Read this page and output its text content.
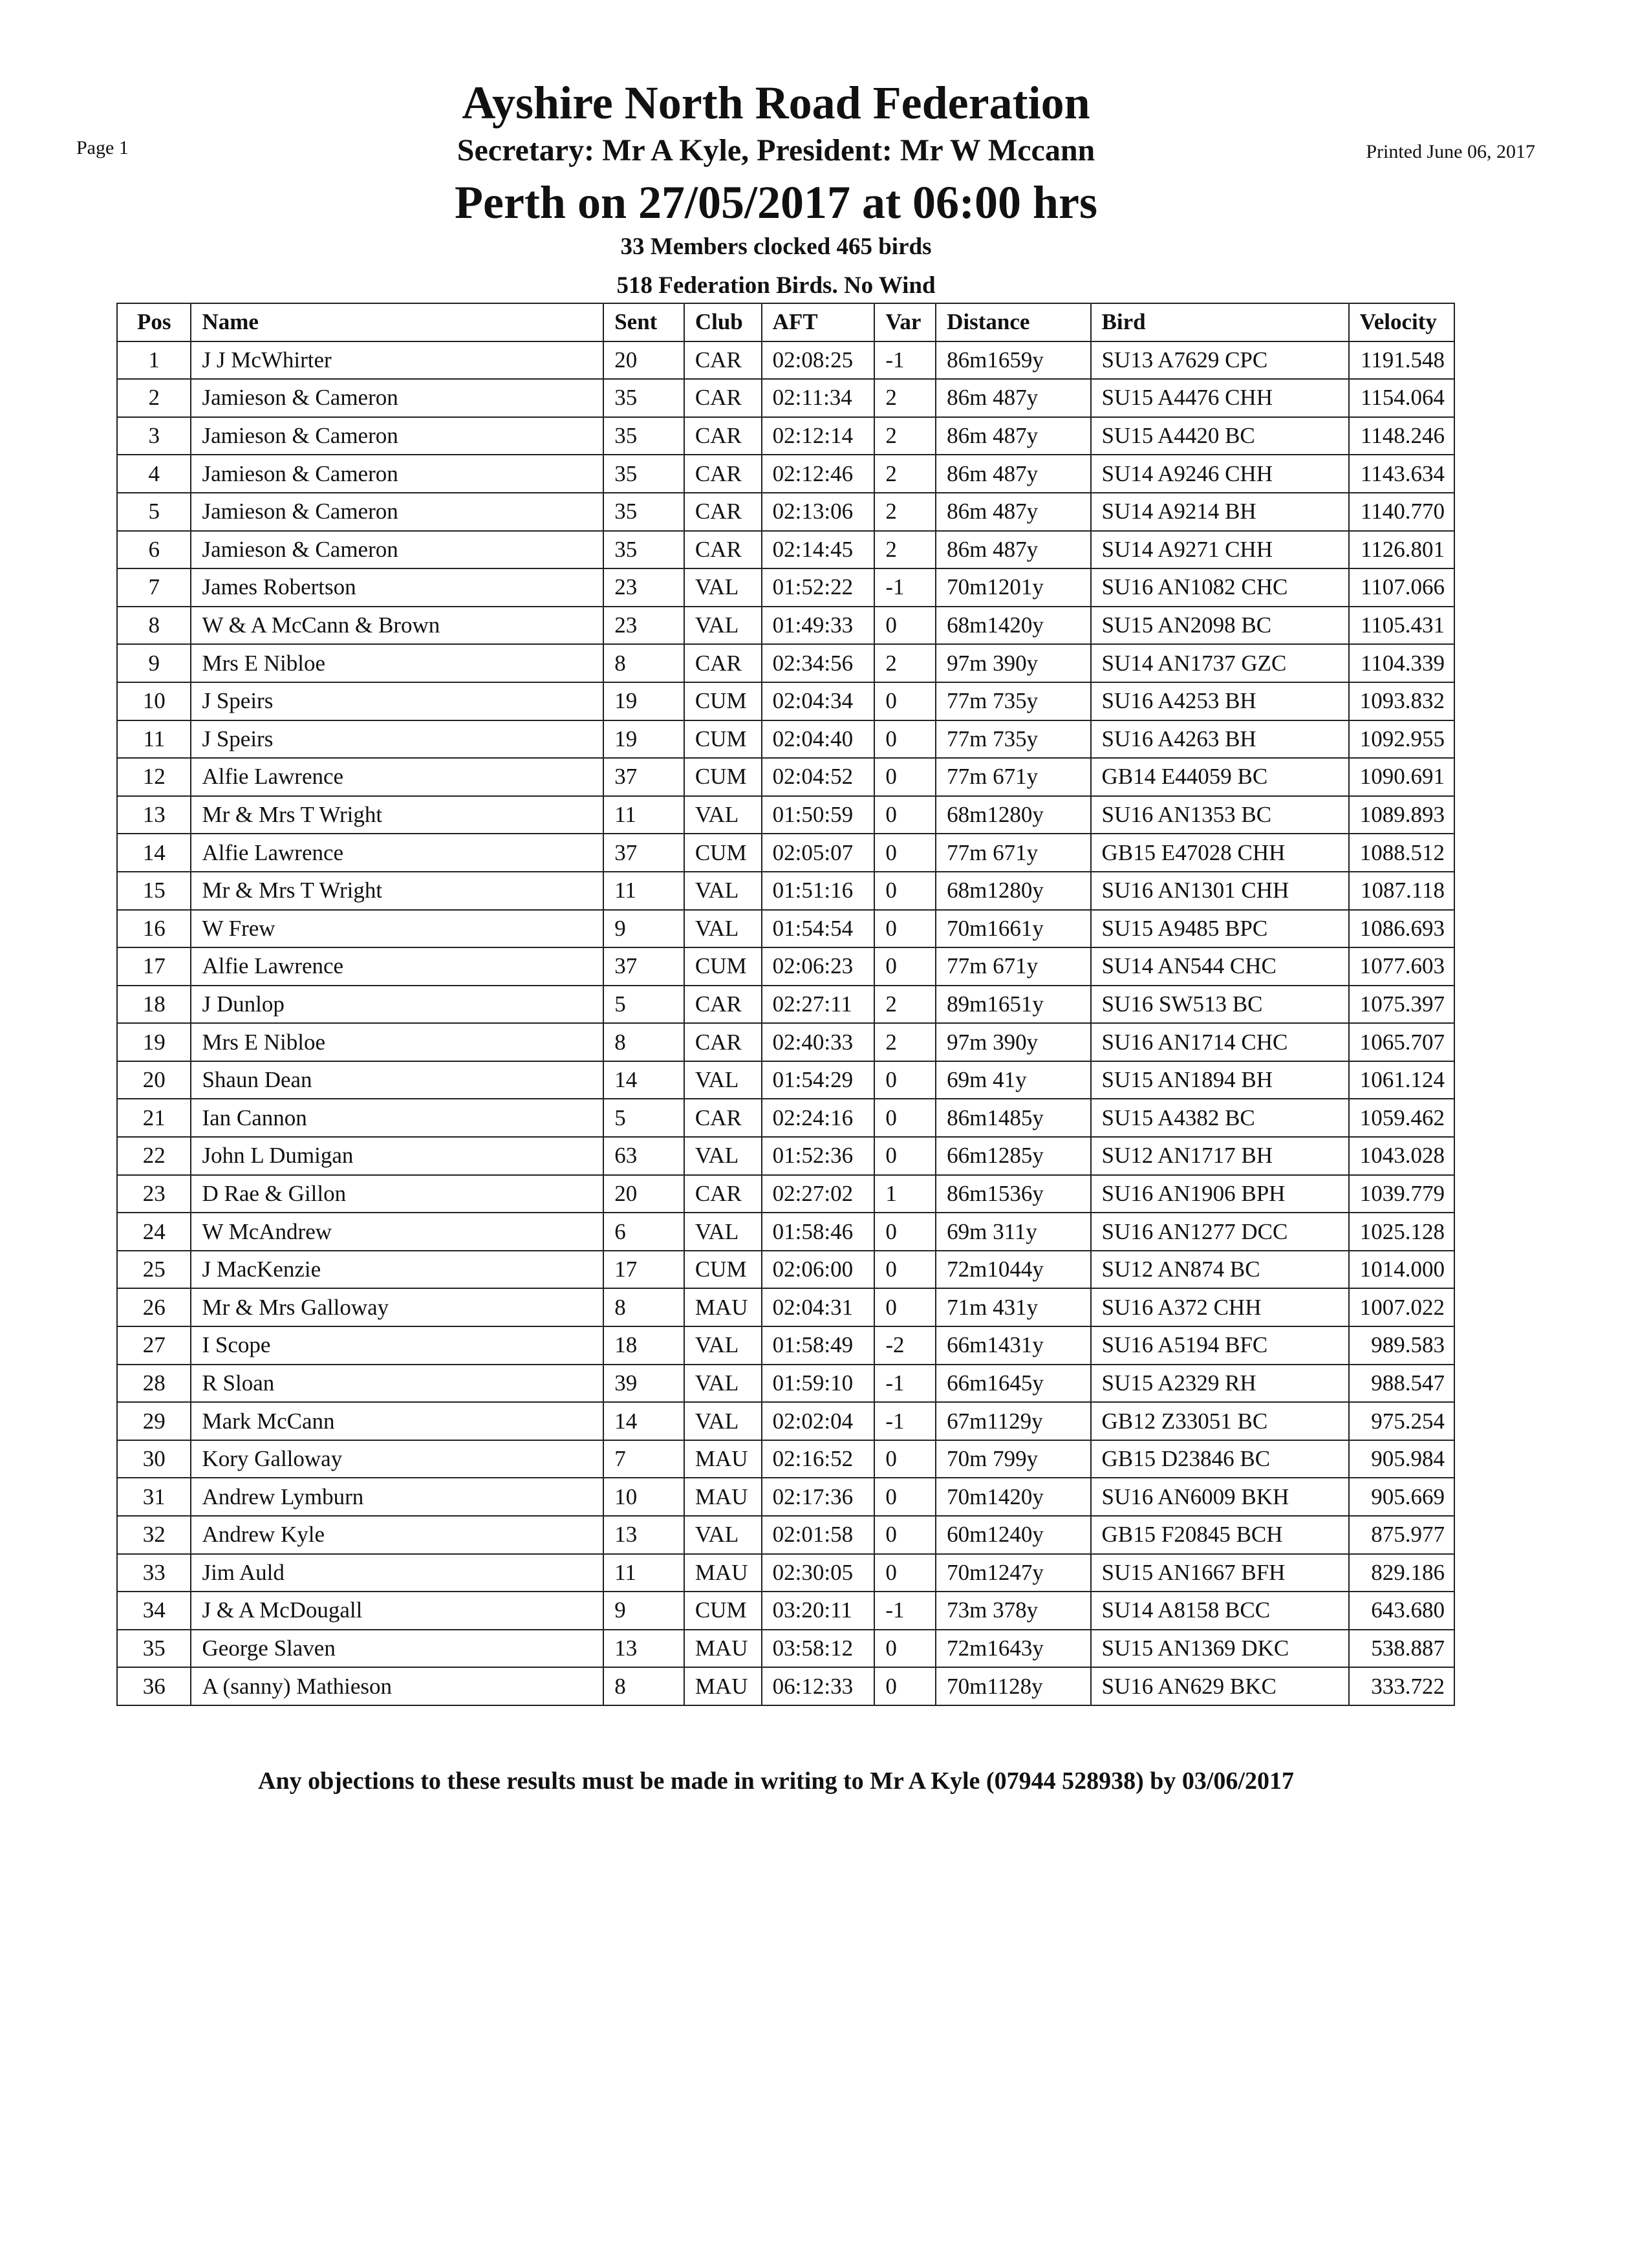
Page 1
Ayshire North Road Federation
Secretary: Mr A Kyle, President: Mr W Mccann	Printed June 06, 2017
Perth on 27/05/2017 at 06:00 hrs
33 Members clocked 465 birds
518 Federation Birds. No Wind
Pos	Name	Sent	Club	AFT	Var	Distance	Bird	Velocity
1	J J McWhirter	20	CAR	02:08:25	-1	86m1659y	SU13 A7629 CPC	1191.548
2	Jamieson & Cameron	35	CAR	02:11:34	2	86m 487y	SU15 A4476 CHH	1154.064
3	Jamieson & Cameron	35	CAR	02:12:14	2	86m 487y	SU15 A4420 BC	1148.246
4	Jamieson & Cameron	35	CAR	02:12:46	2	86m 487y	SU14 A9246 CHH	1143.634
5	Jamieson & Cameron	35	CAR	02:13:06	2	86m 487y	SU14 A9214 BH	1140.770
6	Jamieson & Cameron	35	CAR	02:14:45	2	86m 487y	SU14 A9271 CHH	1126.801
7	James Robertson	23	VAL	01:52:22	-1	70m1201y	SU16 AN1082 CHC	1107.066
8	W & A McCann & Brown	23	VAL	01:49:33	0	68m1420y	SU15 AN2098 BC	1105.431
9	Mrs E Nibloe	8	CAR	02:34:56	2	97m 390y	SU14 AN1737 GZC	1104.339
10	J Speirs	19	CUM	02:04:34	0	77m 735y	SU16 A4253 BH	1093.832
11	J Speirs	19	CUM	02:04:40	0	77m 735y	SU16 A4263 BH	1092.955
12	Alfie Lawrence	37	CUM	02:04:52	0	77m 671y	GB14 E44059 BC	1090.691
13	Mr & Mrs T Wright	11	VAL	01:50:59	0	68m1280y	SU16 AN1353 BC	1089.893
14	Alfie Lawrence	37	CUM	02:05:07	0	77m 671y	GB15 E47028 CHH	1088.512
15	Mr & Mrs T Wright	11	VAL	01:51:16	0	68m1280y	SU16 AN1301 CHH	1087.118
16	W Frew	9	VAL	01:54:54	0	70m1661y	SU15 A9485 BPC	1086.693
17	Alfie Lawrence	37	CUM	02:06:23	0	77m 671y	SU14 AN544 CHC	1077.603
18	J Dunlop	5	CAR	02:27:11	2	89m1651y	SU16 SW513 BC	1075.397
19	Mrs E Nibloe	8	CAR	02:40:33	2	97m 390y	SU16 AN1714 CHC	1065.707
20	Shaun Dean	14	VAL	01:54:29	0	69m 41y	SU15 AN1894 BH	1061.124
21	Ian Cannon	5	CAR	02:24:16	0	86m1485y	SU15 A4382 BC	1059.462
22	John L Dumigan	63	VAL	01:52:36	0	66m1285y	SU12 AN1717 BH	1043.028
23	D Rae & Gillon	20	CAR	02:27:02	1	86m1536y	SU16 AN1906 BPH	1039.779
24	W McAndrew	6	VAL	01:58:46	0	69m 311y	SU16 AN1277 DCC	1025.128
25	J MacKenzie	17	CUM	02:06:00	0	72m1044y	SU12 AN874 BC	1014.000
26	Mr & Mrs Galloway	8	MAU	02:04:31	0	71m 431y	SU16 A372 CHH	1007.022
27	I Scope	18	VAL	01:58:49	-2	66m1431y	SU16 A5194 BFC	989.583
28	R Sloan	39	VAL	01:59:10	-1	66m1645y	SU15 A2329 RH	988.547
29	Mark McCann	14	VAL	02:02:04	-1	67m1129y	GB12 Z33051 BC	975.254
30	Kory Galloway	7	MAU	02:16:52	0	70m 799y	GB15 D23846 BC	905.984
31	Andrew Lymburn	10	MAU	02:17:36	0	70m1420y	SU16 AN6009 BKH	905.669
32	Andrew Kyle	13	VAL	02:01:58	0	60m1240y	GB15 F20845 BCH	875.977
33	Jim Auld	11	MAU	02:30:05	0	70m1247y	SU15 AN1667 BFH	829.186
34	J & A McDougall	9	CUM	03:20:11	-1	73m 378y	SU14 A8158 BCC	643.680
35	George Slaven	13	MAU	03:58:12	0	72m1643y	SU15 AN1369 DKC	538.887
36	A (sanny) Mathieson	8	MAU	06:12:33	0	70m1128y	SU16 AN629 BKC	333.722
Any objections to these results must be made in writing to Mr A Kyle (07944 528938) by 03/06/2017
